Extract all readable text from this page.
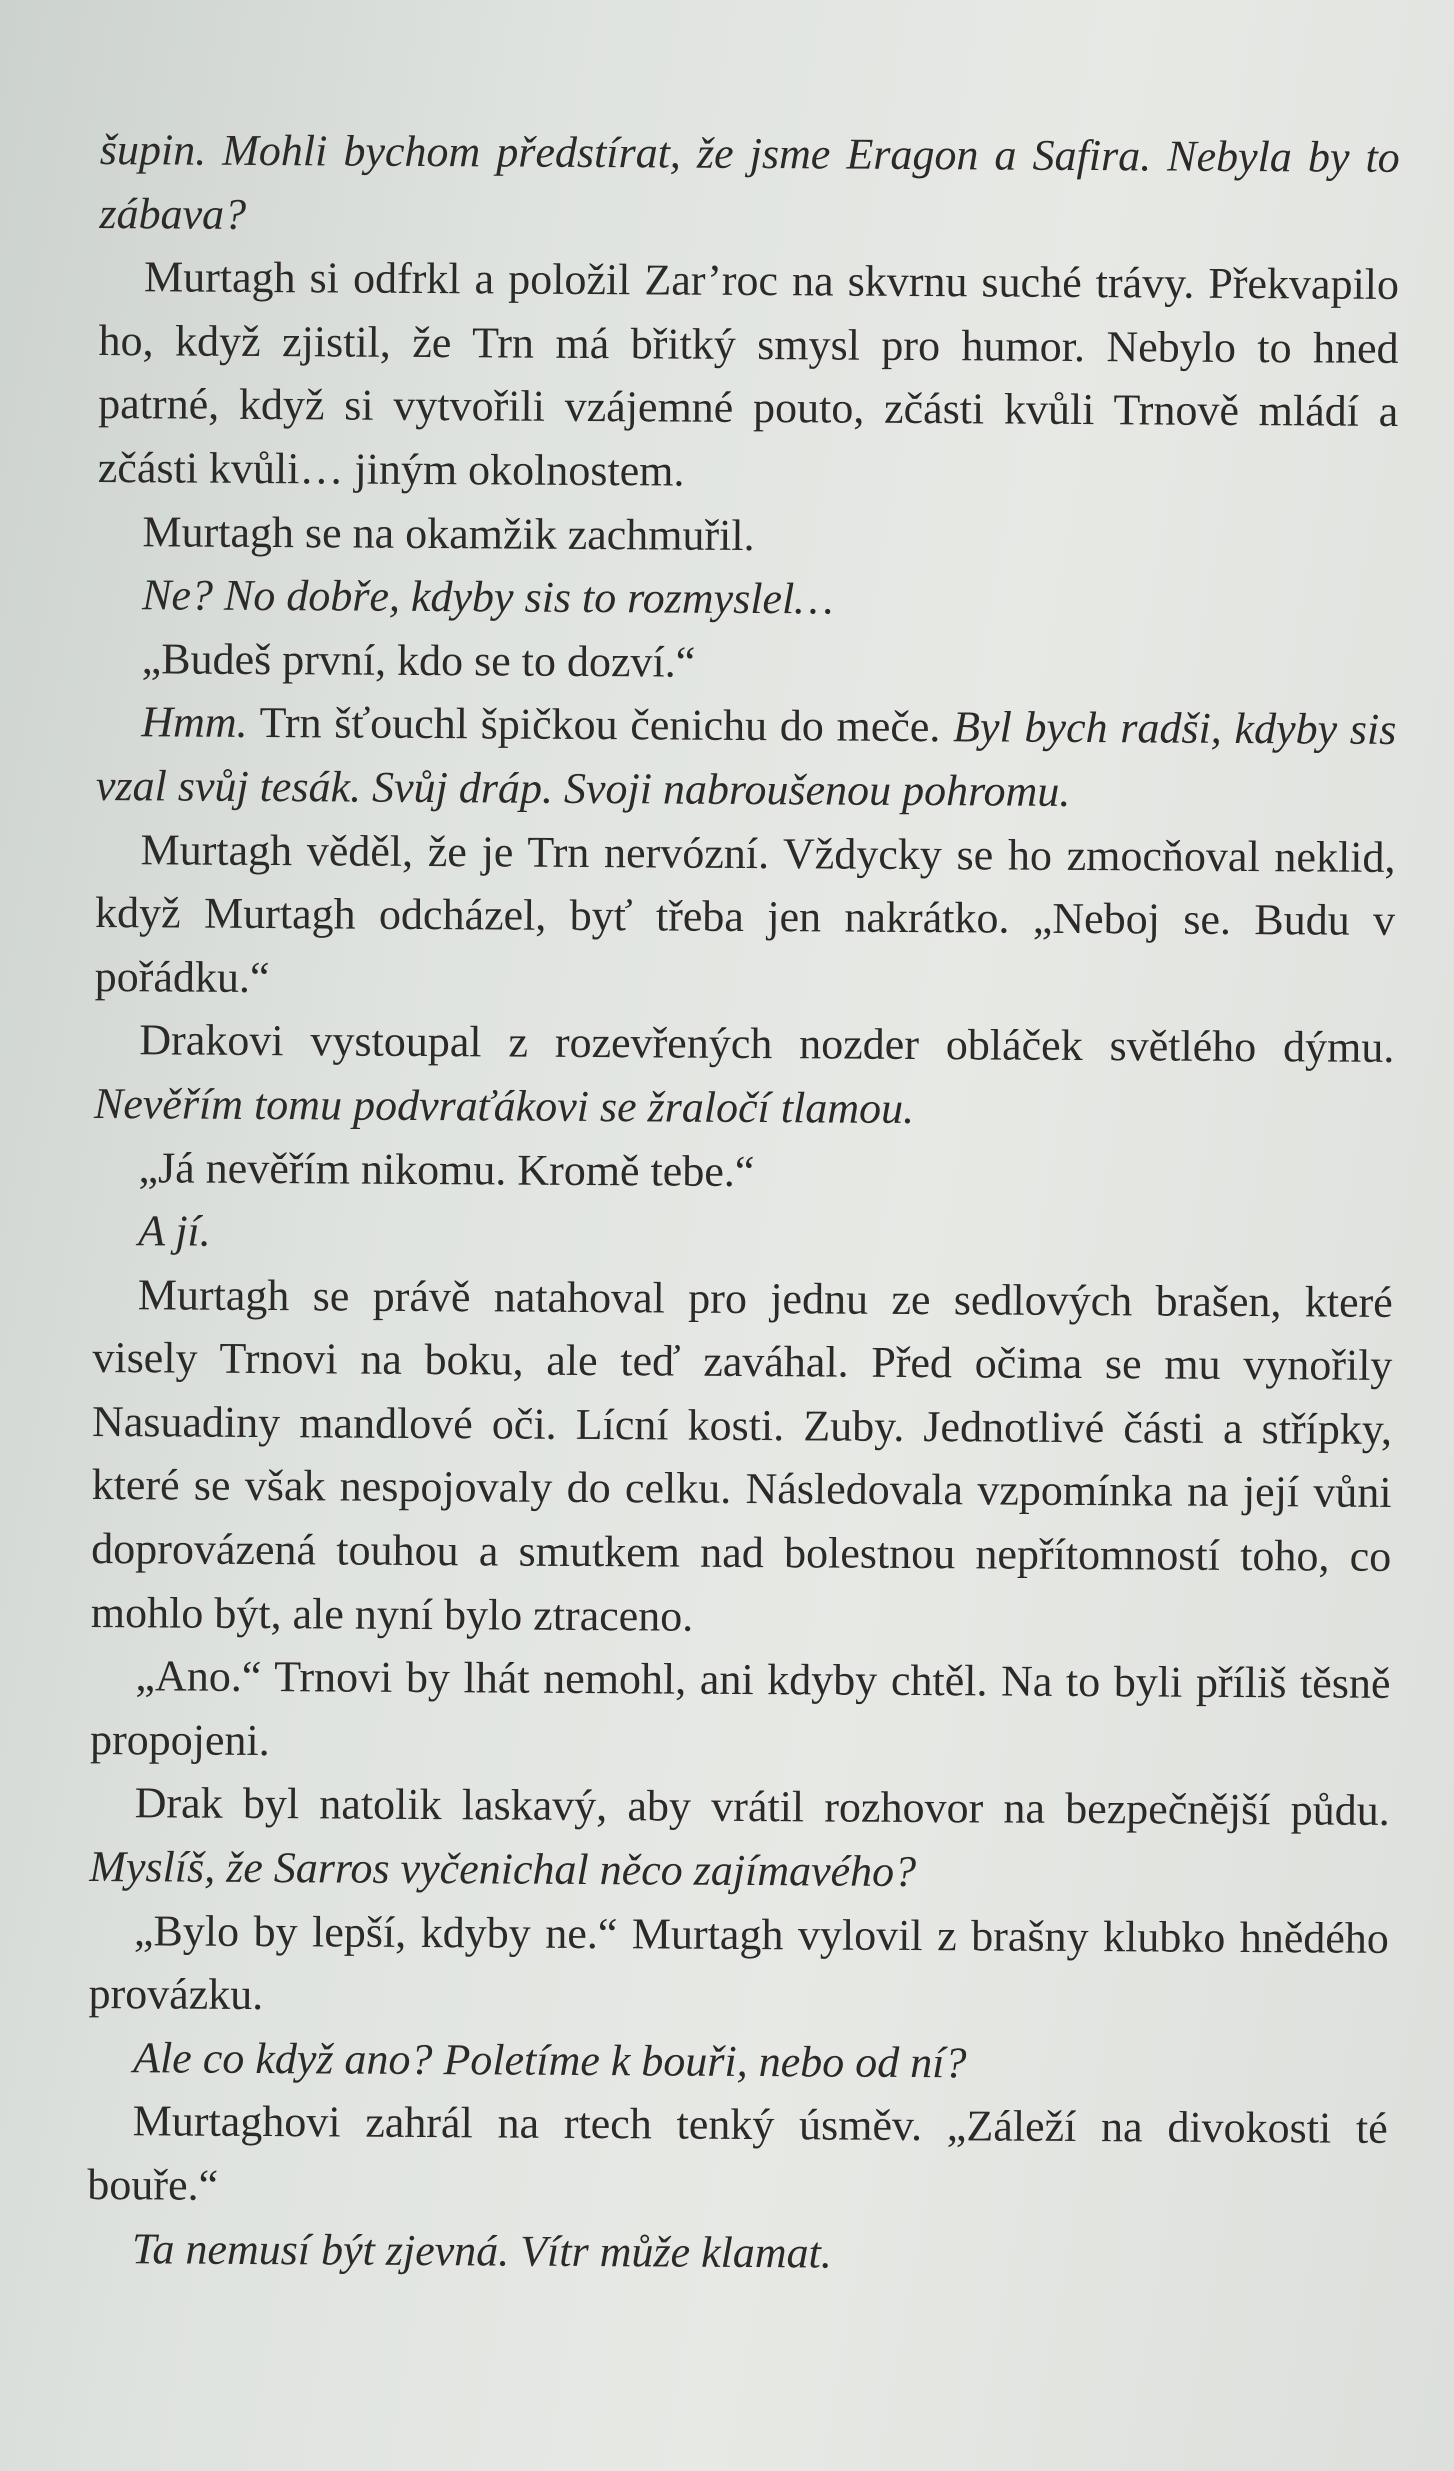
šupin. Mohli bychom předstírat, že jsme Eragon a Safira. Nebyla by to zábava?

Murtagh si odfrkl a položil Zar’roc na skvrnu suché trávy. Překvapilo ho, když zjistil, že Trn má břitký smysl pro humor. Nebylo to hned patrné, když si vytvořili vzájemné pouto, zčásti kvůli Trnově mládí a zčásti kvůli… jiným okolnostem.

Murtagh se na okamžik zachmuřil.

Ne? No dobře, kdyby sis to rozmyslel…

„Budeš první, kdo se to dozví.“

Hmm. Trn šťouchl špičkou čenichu do meče. Byl bych radši, kdyby sis vzal svůj tesák. Svůj dráp. Svoji nabroušenou pohromu.

Murtagh věděl, že je Trn nervózní. Vždycky se ho zmocňoval neklid, když Murtagh odcházel, byť třeba jen nakrátko. „Neboj se. Budu v pořádku.“

Drakovi vystoupal z rozevřených nozder obláček světlého dýmu. Nevěřím tomu podvraťákovi se žraločí tlamou.

„Já nevěřím nikomu. Kromě tebe.“

A jí.

Murtagh se právě natahoval pro jednu ze sedlových brašen, které visely Trnovi na boku, ale teď zaváhal. Před očima se mu vynořily Nasuadiny mandlové oči. Lícní kosti. Zuby. Jednotlivé části a střípky, které se však nespojovaly do celku. Následovala vzpomínka na její vůni doprovázená touhou a smutkem nad bolestnou nepřítomností toho, co mohlo být, ale nyní bylo ztraceno.

„Ano.“ Trnovi by lhát nemohl, ani kdyby chtěl. Na to byli příliš těsně propojeni.

Drak byl natolik laskavý, aby vrátil rozhovor na bezpečnější půdu. Myslíš, že Sarros vyčenichal něco zajímavého?

„Bylo by lepší, kdyby ne.“ Murtagh vylovil z brašny klubko hnědého provázku.

Ale co když ano? Poletíme k bouři, nebo od ní?

Murtaghovi zahrál na rtech tenký úsměv. „Záleží na divokosti té bouře.“

Ta nemusí být zjevná. Vítr může klamat.
